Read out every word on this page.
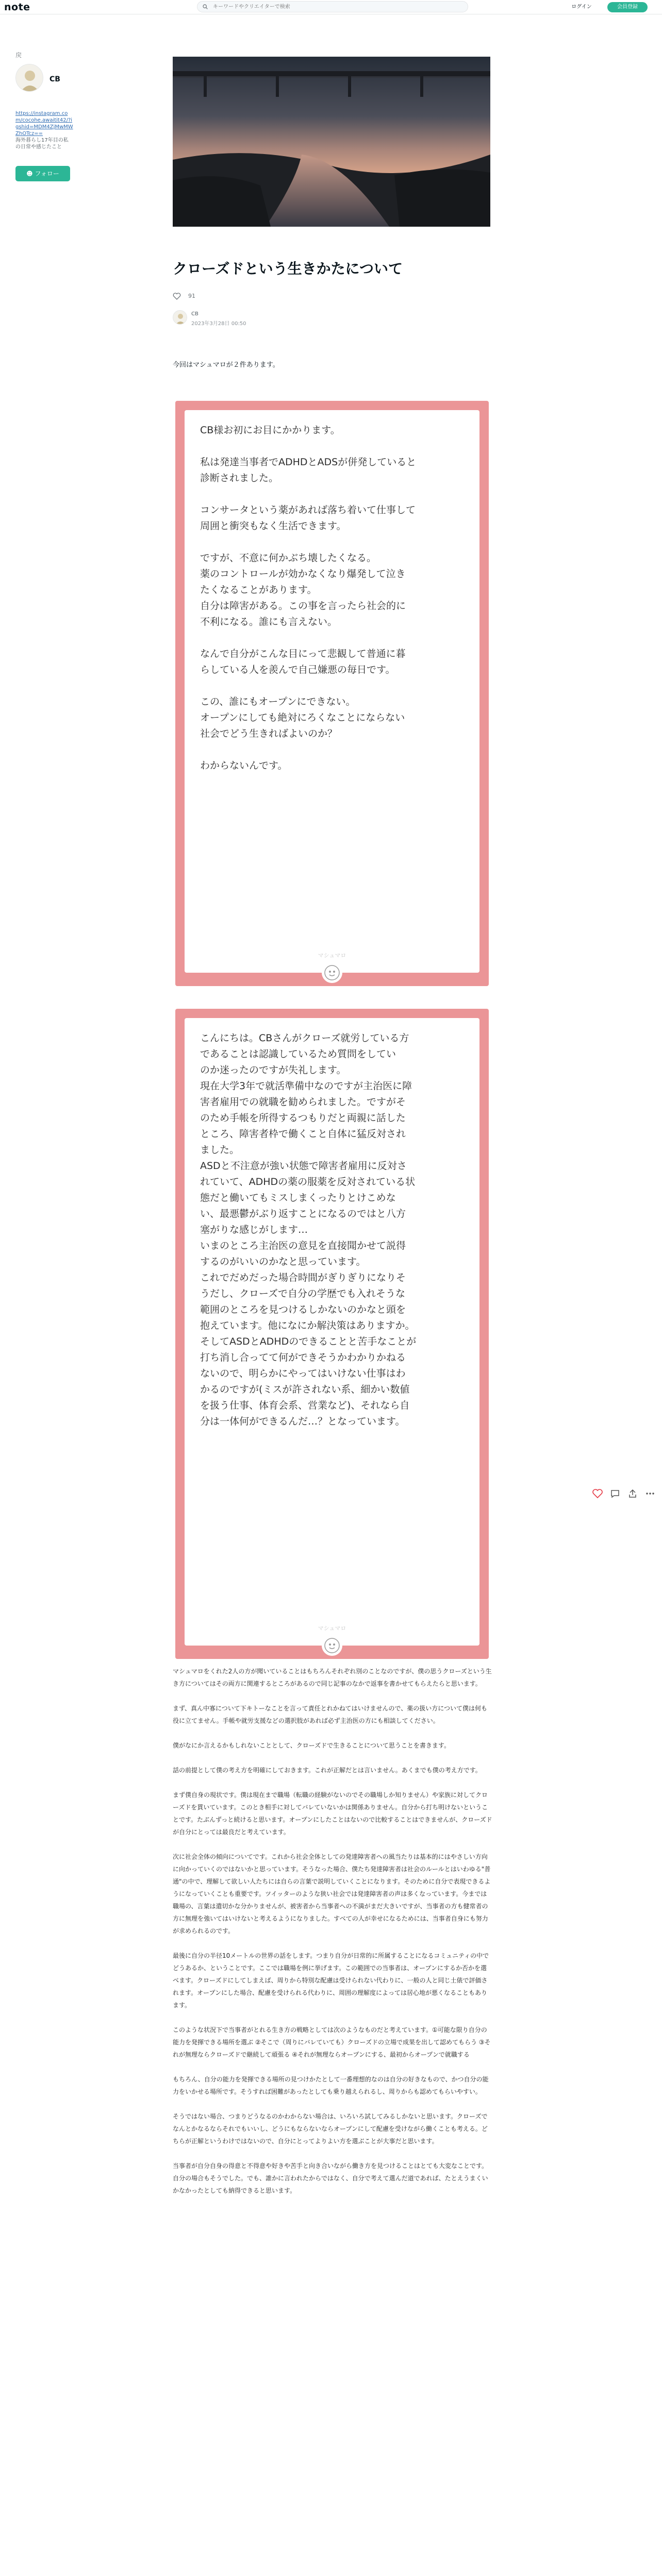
note
キーワードやクリエイターで検索	ログイン	会員登録
戻
CB
https://instagram.com/cocohe.awaitit42/?igshid=MDM4ZjMwMWZhOTcz==
海外暮らし17年目の私の日常や感じたこと
☻ フォロー
クローズドという生きかたについて
91
CB
2023年3月28日 00:50
今回はマシュマロが２件あります。

CB様お初にお目にかかります。

私は発達当事者でADHDとADSが併発していると

診断されました。

コンサータという薬があれば落ち着いて仕事して

周囲と衝突もなく生活できます。

ですが、不意に何かぶち壊したくなる。

薬のコントロールが効かなくなり爆発して泣き

たくなることがあります。

自分は障害がある。この事を言ったら社会的に

不利になる。誰にも言えない。

なんで自分がこんな目にって悲観して普通に暮

らしている人を羨んで自己嫌悪の毎日です。

この、誰にもオープンにできない。

オープンにしても絶対にろくなことにならない

社会でどう生きればよいのか？

わからないんです。

マシュマロ

こんにちは。CBさんがクローズ就労している方

であることは認識しているため質問をしてい

のか迷ったのですが失礼します。

現在大学3年で就活準備中なのですが主治医に障

害者雇用での就職を勧められました。ですがそ

のため手帳を所得するつもりだと両親に話した

ところ、障害者枠で働くこと自体に猛反対され

ました。

ASDと不注意が強い状態で障害者雇用に反対さ

れていて、ADHDの薬の服薬を反対されている状

態だと働いてもミスしまくったりとけこめな

い、最悪鬱がぶり返すことになるのではと八方

塞がりな感じがします…

いまのところ主治医の意見を直接聞かせて説得

するのがいいのかなと思っています。

これでだめだった場合時間がぎりぎりになりそ

うだし、クローズで自分の学歴でも入れそうな

範囲のところを見つけるしかないのかなと頭を

抱えています。他になにか解決策はありますか。

そしてASDとADHDのできることと苦手なことが

打ち消し合ってて何ができそうかわかりかねる

ないので、明らかにやってはいけない仕事はわ

かるのですが(ミスが許されない系、細かい数値

を扱う仕事、体育会系、営業など)、それなら自

分は一体何ができるんだ…？となっています。

マシュマロ

マシュマロをくれた2人の方が聞いていることはもちろんそれぞれ別のことなのですが、僕の思うクローズという生き方についてはその両方に関連するところがあるので同じ記事のなかで返事を書かせてもらえたらと思います。

まず、真ん中寡について下キトーなことを言って責任とれかねてはいけませんので、薬の扱い方について僕は何も役に立てません。手帳や就労支援などの選択肢があれば必ず主治医の方にも相談してください。

僕がなにか言えるかもしれないこととして、クローズドで生きることについて思うことを書きます。

話の前提として僕の考え方を明確にしておきます。これが正解だとは言いません。あくまでも僕の考え方です。

まず僕自身の現状です。僕は現在まで職場（転職の経験がないのでその職場しか知りません）や家族に対してクローズドを貫いています。このとき相手に対してバレていないかは関係ありません。自分から打ち明けないということです。たぶんずっと続けると思います。オープンにしたことはないので比較することはできませんが、クローズドが自分にとっては最良だと考えています。

次に社会全体の傾向についてです。これから社会全体としての発達障害者への風当たりは基本的にはやさしい方向に向かっていくのではないかと思っています。そうなった場合、僕たち発達障害者は社会のルールとはいわゆる"普通"の中で、理解して欲しい人たちには自らの言葉で説明していくことになります。そのために自分で表現できるようになっていくことも重要です。ツイッターのような狭い社会では発達障害者の声は多くなっています。今までは職場の、言葉は遣切かな分かりませんが、被害者から当事者への不満がまだ大きいですが、当事者の方も健常者の方に無理を強いてはいけないと考えるようになりました。すべての人が幸せになるためには、当事者自身にも努力が求められるのです。

最後に自分の半径10メートルの世界の話をします。つまり自分が日常的に所属することになるコミュニティの中でどうあるか、ということです。ここでは職場を例に挙げます。この範囲での当事者は、オープンにするか否かを選べます。クローズドにしてしまえば、周りから特別な配慮は受けられない代わりに、一般の人と同じ土俵で評価されます。オープンにした場合、配慮を受けられる代わりに、周囲の理解度によっては居心地が悪くなることもあります。

このような状況下で当事者がとれる生き方の戦略としては次のようなものだと考えています。①可能な限り自分の能力を発揮できる場所を選ぶ ②そこで（周りにバレていても）クローズドの立場で成果を出して認めてもらう ③それが無理ならクローズドで継続して頑張る ④それが無理ならオープンにする、最初からオープンで就職する

もちろん、自分の能力を発揮できる場所の見つけかたとして一番理想的なのは自分の好きなもので、かつ自分の能力をいかせる場所です。そうすれば困難があったとしても乗り越えられるし、周りからも認めてもらいやすい。

そうではない場合、つまりどうなるのかわからない場合は、いろいろ試してみるしかないと思います。クローズでなんとかなるならそれでもいいし、どうにもならないならオープンにして配慮を受けながら働くことも考える。どちらが正解というわけではないので、自分にとってよりよい方を選ぶことが大事だと思います。

当事者が自分自身の得意と不得意や好きや苦手と向き合いながら働き方を見つけることはとても大変なことです。自分の場合もそうでした。でも、誰かに言われたからではなく、自分で考えて選んだ道であれば、たとえうまくいかなかったとしても納得できると思います。
